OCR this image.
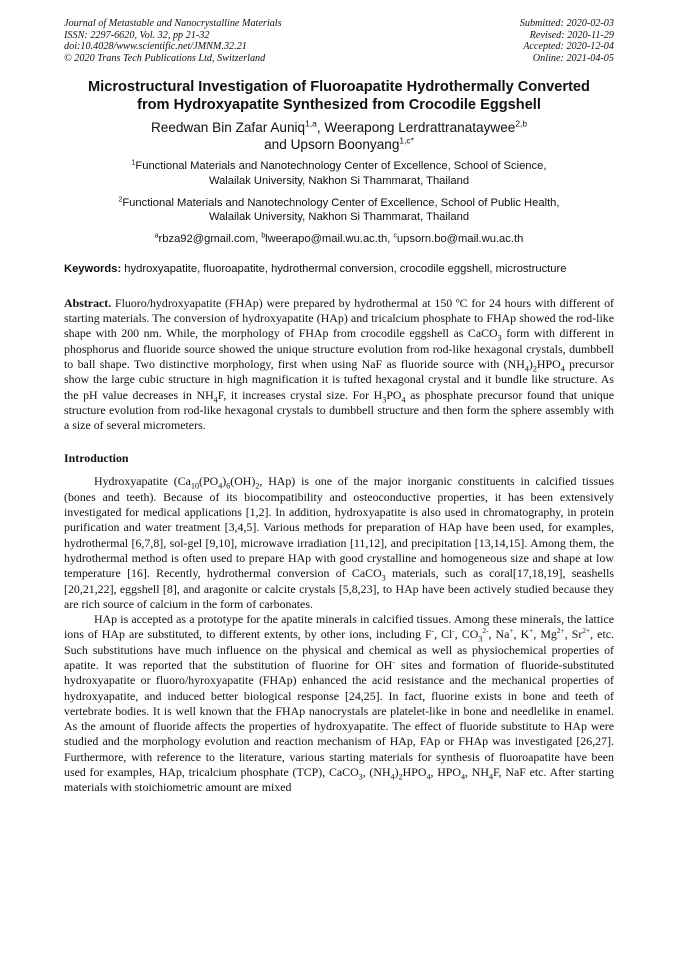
Journal of Metastable and Nanocrystalline Materials
ISSN: 2297-6620, Vol. 32, pp 21-32
doi:10.4028/www.scientific.net/JMNM.32.21
© 2020 Trans Tech Publications Ltd, Switzerland
Submitted: 2020-02-03
Revised: 2020-11-29
Accepted: 2020-12-04
Online: 2021-04-05
Microstructural Investigation of Fluoroapatite Hydrothermally Converted
from Hydroxyapatite Synthesized from Crocodile Eggshell
Reedwan Bin Zafar Auniq$^{1,a}$, Weerapong Lerdrattranataywee$^{2,b}$
and Upsorn Boonyang$^{1,c*}$
$^1$Functional Materials and Nanotechnology Center of Excellence, School of Science,
Walailak University, Nakhon Si Thammarat, Thailand
$^2$Functional Materials and Nanotechnology Center of Excellence, School of Public Health,
Walailak University, Nakhon Si Thammarat, Thailand
$^a$rbza92@gmail.com, $^b$lweerapo@mail.wu.ac.th, $^c$upsorn.bo@mail.wu.ac.th
Keywords: hydroxyapatite, fluoroapatite, hydrothermal conversion, crocodile eggshell, microstructure
Abstract. Fluoro/hydroxyapatite (FHAp) were prepared by hydrothermal at 150 ºC for 24 hours with different of starting materials. The conversion of hydroxyapatite (HAp) and tricalcium phosphate to FHAp showed the rod-like shape with 200 nm. While, the morphology of FHAp from crocodile eggshell as CaCO$_3$ form with different in phosphorus and fluoride source showed the unique structure evolution from rod-like hexagonal crystals, dumbbell to ball shape. Two distinctive morphology, first when using NaF as fluoride source with $(NH_4)_2HPO_4$ precursor show the large cubic structure in high magnification it is tufted hexagonal crystal and it bundle like structure. As the pH value decreases in $NH_4F$, it increases crystal size. For $H_3PO_4$ as phosphate precursor found that unique structure evolution from rod-like hexagonal crystals to dumbbell structure and then form the sphere assembly with a size of several micrometers.
Introduction

Hydroxyapatite ($Ca_{10}(PO_4)_6(OH)_2$, HAp) is one of the major inorganic constituents in calcified tissues (bones and teeth). Because of its biocompatibility and osteoconductive properties, it has been extensively investigated for medical applications [1,2]. In addition, hydroxyapatite is also used in chromatography, in protein purification and water treatment [3,4,5]. Various methods for preparation of HAp have been used, for examples, hydrothermal [6,7,8], sol-gel [9,10], microwave irradiation [11,12], and precipitation [13,14,15]. Among them, the hydrothermal method is often used to prepare HAp with good crystalline and homogeneous size and shape at low temperature [16]. Recently, hydrothermal conversion of CaCO$_3$ materials, such as coral[17,18,19], seashells [20,21,22], eggshell [8], and aragonite or calcite crystals [5,8,23], to HAp have been actively studied because they are rich source of calcium in the form of carbonates.

HAp is accepted as a prototype for the apatite minerals in calcified tissues. Among these minerals, the lattice ions of HAp are substituted, to different extents, by other ions, including F-, Cl-, $CO_3^{2-}$, Na+, K+, $Mg^{2+}$, $Sr^{2+}$, etc. Such substitutions have much influence on the physical and chemical as well as physiochemical properties of apatite. It was reported that the substitution of fluorine for OH- sites and formation of fluoride-substituted hydroxyapatite or fluoro/hyroxyapatite (FHAp) enhanced the acid resistance and the mechanical properties of hydroxyapatite, and induced better biological response [24,25]. In fact, fluorine exists in bone and teeth of vertebrate bodies. It is well known that the FHAp nanocrystals are platelet-like in bone and needlelike in enamel. As the amount of fluoride affects the properties of hydroxyapatite. The effect of fluoride substitute to HAp were studied and the morphology evolution and reaction mechanism of HAp, FAp or FHAp was investigated [26,27]. Furthermore, with reference to the literature, various starting materials for synthesis of fluoroapatite have been used for examples, HAp, tricalcium phosphate (TCP), CaCO$_3$, $(NH_4)_2HPO_4$, $HPO_4$, $NH_4F$, NaF etc. After starting materials with stoichiometric amount are mixed
